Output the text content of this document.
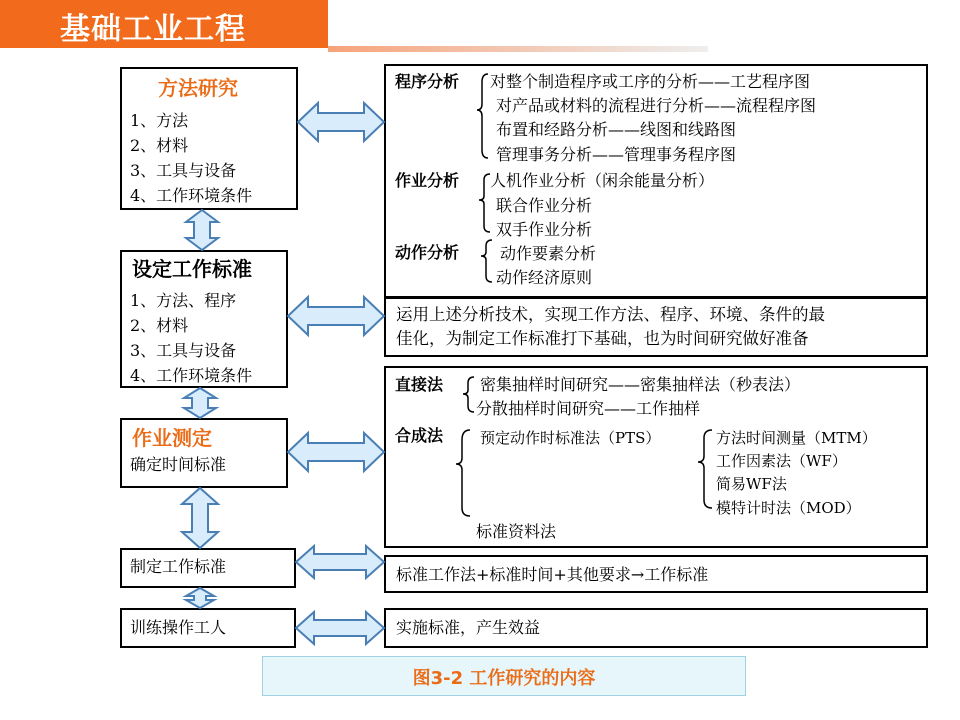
基础工业工程
方法研究
1、方法
2、材料
3、工具与设备
4、工作环境条件
设定工作标准
1、方法、程序
2、材料
3、工具与设备
4、工作环境条件
作业测定
确定时间标准
制定工作标准
训练操作工人
程序分析 对整个制造程序或工序的分析——工艺程序图
对产品或材料的流程进行分析——流程程序图
布置和经路分析——线图和线路图
管理事务分析——管理事务程序图
作业分析 人机作业分析（闲余能量分析）
联合作业分析
双手作业分析
动作分析	动作要素分析
动作经济原则
运用上述分析技术，实现工作方法、程序、环境、条件的最
佳化，为制定工作标准打下基础，也为时间研究做好准备
直接法 密集抽样时间研究——密集抽样法（秒表法）
分散抽样时间研究——工作抽样
合成法 预定动作时标准法（PTS）	方法时间测量（MTM）
工作因素法（WF）
简易WF法
模特计时法（MOD）
标准资料法
标准工作法+标准时间+其他要求→工作标准
实施标准，产生效益
图3-2 工作研究的内容
